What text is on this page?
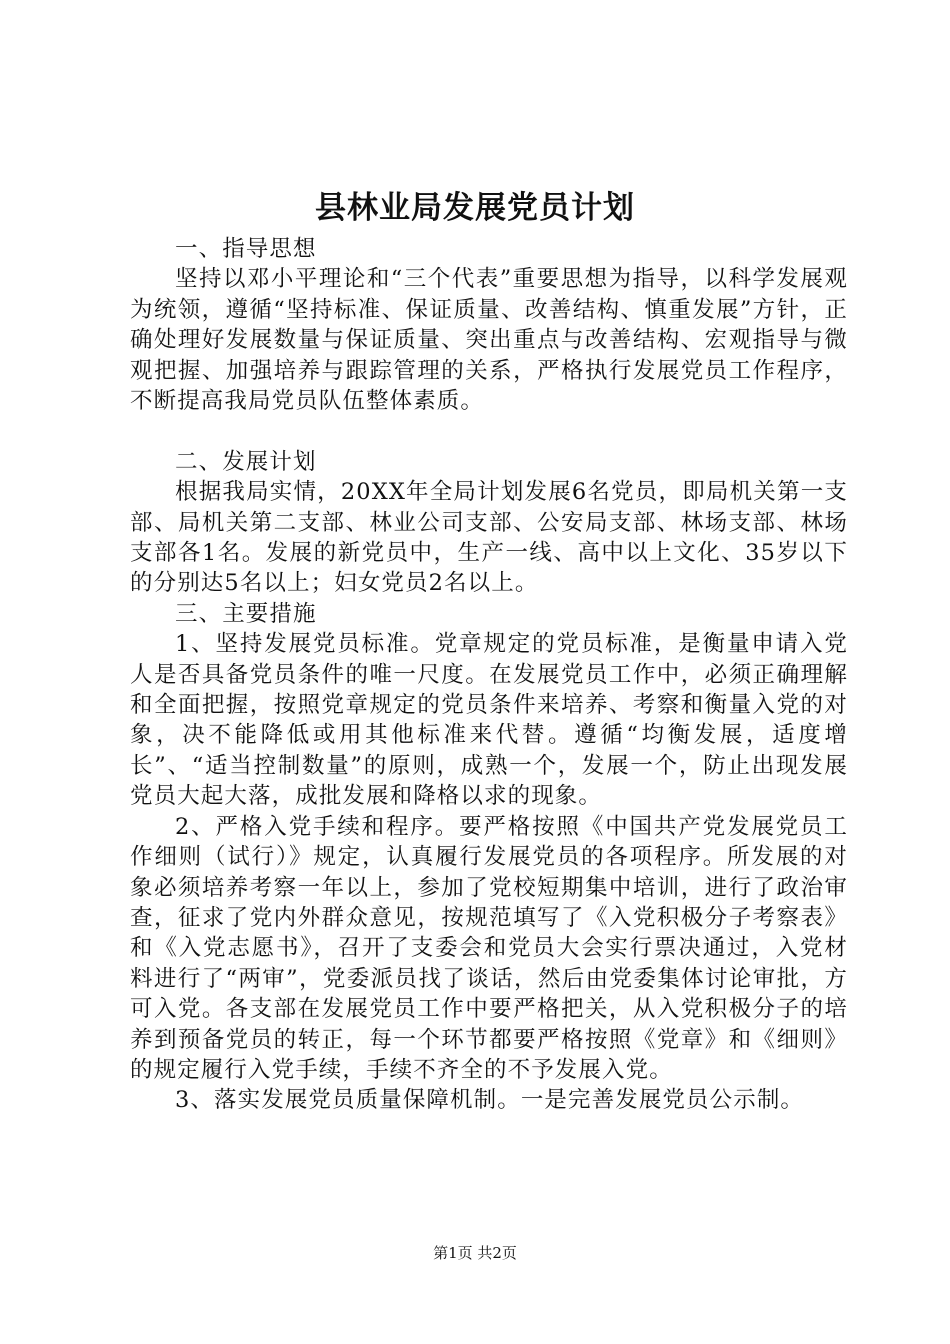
县林业局发展党员计划

一、指导思想

坚持以邓小平理论和“三个代表”重要思想为指导，以科学发展观为统领，遵循“坚持标准、保证质量、改善结构、慎重发展”方针，正确处理好发展数量与保证质量、突出重点与改善结构、宏观指导与微观把握、加强培养与跟踪管理的关系，严格执行发展党员工作程序，不断提高我局党员队伍整体素质。

二、发展计划

根据我局实情，20XX年全局计划发展6名党员，即局机关第一支部、局机关第二支部、林业公司支部、公安局支部、林场支部、林场支部各1名。发展的新党员中，生产一线、高中以上文化、35岁以下的分别达5名以上；妇女党员2名以上。

三、主要措施

1、坚持发展党员标准。党章规定的党员标准，是衡量申请入党人是否具备党员条件的唯一尺度。在发展党员工作中，必须正确理解和全面把握，按照党章规定的党员条件来培养、考察和衡量入党的对象，决不能降低或用其他标准来代替。遵循“均衡发展，适度增长”、“适当控制数量”的原则，成熟一个，发展一个，防止出现发展党员大起大落，成批发展和降格以求的现象。

2、严格入党手续和程序。要严格按照《中国共产党发展党员工作细则（试行）》规定，认真履行发展党员的各项程序。所发展的对象必须培养考察一年以上，参加了党校短期集中培训，进行了政治审查，征求了党内外群众意见，按规范填写了《入党积极分子考察表》和《入党志愿书》，召开了支委会和党员大会实行票决通过，入党材料进行了“两审”，党委派员找了谈话，然后由党委集体讨论审批，方可入党。各支部在发展党员工作中要严格把关，从入党积极分子的培养到预备党员的转正，每一个环节都要严格按照《党章》和《细则》的规定履行入党手续，手续不齐全的不予发展入党。

3、落实发展党员质量保障机制。一是完善发展党员公示制。

第1页 共2页
